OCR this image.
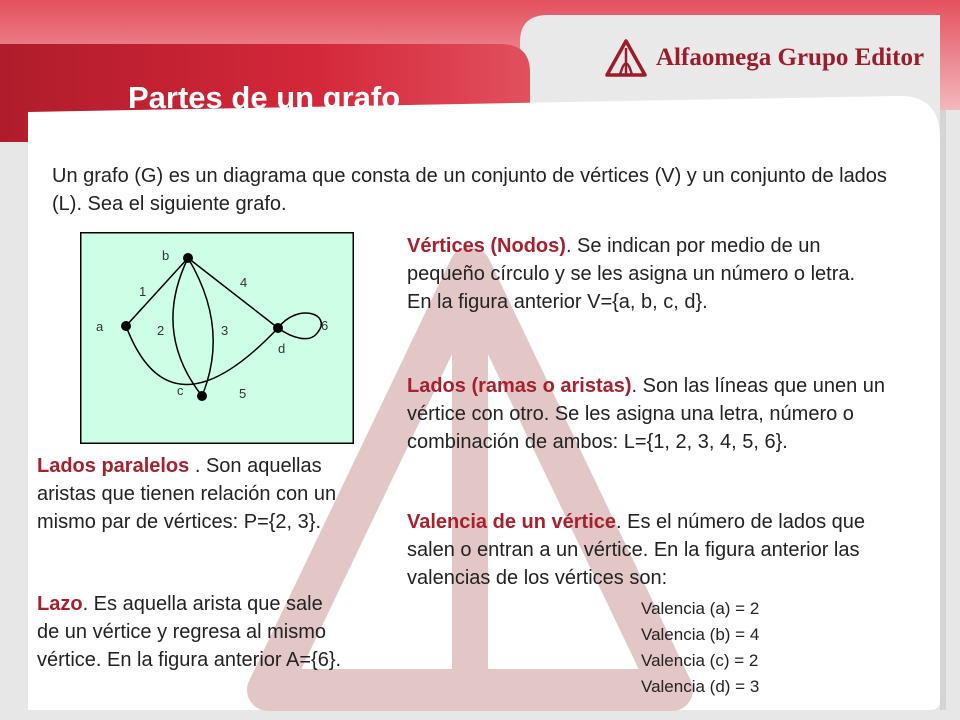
Partes de un grafo
Alfaomega Grupo Editor
Un grafo (G) es un diagrama que consta de un conjunto de vértices (V) y un conjunto de lados (L). Sea el siguiente grafo.
b
a
d
c
1
4
2	3	6
5
Vértices (Nodos). Se indican por medio de un pequeño círculo y se les asigna un número o letra. En la figura anterior V={a, b, c, d}.
Lados (ramas o aristas). Son las líneas que unen un vértice con otro. Se les asigna una letra, número o combinación de ambos: L={1, 2, 3, 4, 5, 6}.
Valencia de un vértice. Es el número de lados que salen o entran a un vértice. En la figura anterior las valencias de los vértices son:
Valencia (a) = 2
Valencia (b) = 4
Valencia (c) = 2
Valencia (d) = 3
Lados paralelos . Son aquellas aristas que tienen relación con un mismo par de vértices: P={2, 3}.
Lazo. Es aquella arista que sale de un vértice y regresa al mismo vértice. En la figura anterior A={6}.
